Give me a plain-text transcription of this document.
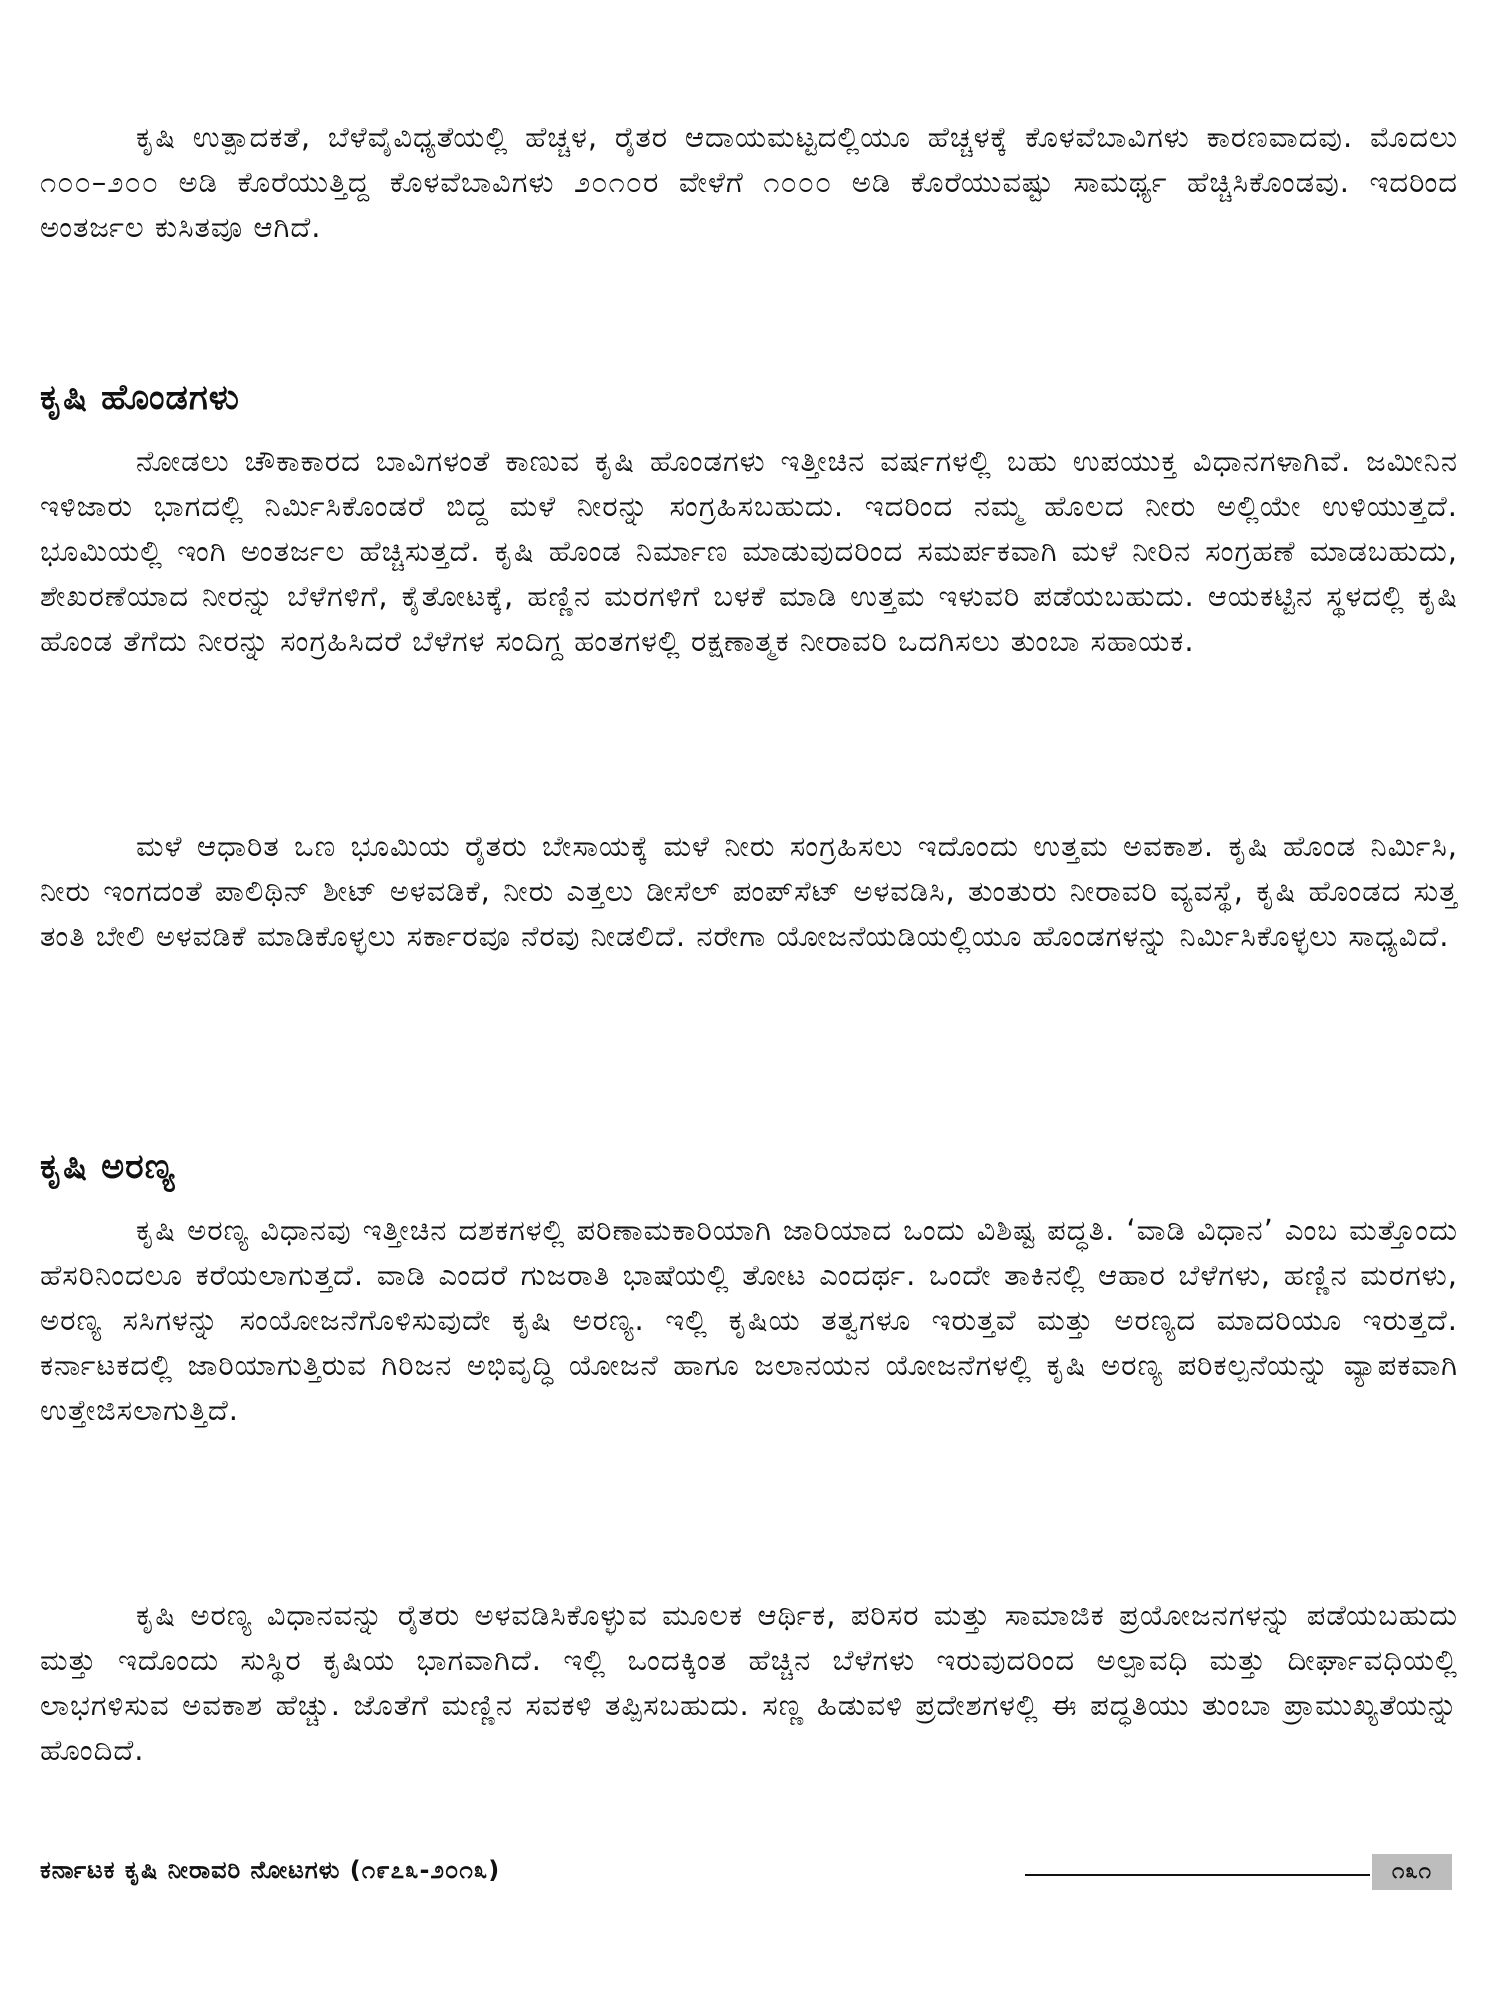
ಕೃಷಿ ಉತ್ಪಾದಕತೆ, ಬೆಳೆವೈವಿಧ್ಯತೆಯಲ್ಲಿ ಹೆಚ್ಚಳ, ರೈತರ ಆದಾಯಮಟ್ಟದಲ್ಲಿಯೂ ಹೆಚ್ಚಳಕ್ಕೆ ಕೊಳವೆಬಾವಿಗಳು ಕಾರಣವಾದವು. ಮೊದಲು ೧೦೦–೨೦೦ ಅಡಿ ಕೊರೆಯುತ್ತಿದ್ದ ಕೊಳವೆಬಾವಿಗಳು ೨೦೧೦ರ ವೇಳೆಗೆ ೧೦೦೦ ಅಡಿ ಕೊರೆಯುವಷ್ಟು ಸಾಮರ್ಥ್ಯ ಹೆಚ್ಚಿಸಿಕೊಂಡವು. ಇದರಿಂದ ಅಂತರ್ಜಲ ಕುಸಿತವೂ ಆಗಿದೆ.

ಕೃಷಿ ಹೊಂಡಗಳು

ನೋಡಲು ಚೌಕಾಕಾರದ ಬಾವಿಗಳಂತೆ ಕಾಣುವ ಕೃಷಿ ಹೊಂಡಗಳು ಇತ್ತೀಚಿನ ವರ್ಷಗಳಲ್ಲಿ ಬಹು ಉಪಯುಕ್ತ ವಿಧಾನಗಳಾಗಿವೆ. ಜಮೀನಿನ ಇಳಿಜಾರು ಭಾಗದಲ್ಲಿ ನಿರ್ಮಿಸಿಕೊಂಡರೆ ಬಿದ್ದ ಮಳೆ ನೀರನ್ನು ಸಂಗ್ರಹಿಸಬಹುದು. ಇದರಿಂದ ನಮ್ಮ ಹೊಲದ ನೀರು ಅಲ್ಲಿಯೇ ಉಳಿಯುತ್ತದೆ. ಭೂಮಿಯಲ್ಲಿ ಇಂಗಿ ಅಂತರ್ಜಲ ಹೆಚ್ಚಿಸುತ್ತದೆ. ಕೃಷಿ ಹೊಂಡ ನಿರ್ಮಾಣ ಮಾಡುವುದರಿಂದ ಸಮರ್ಪಕವಾಗಿ ಮಳೆ ನೀರಿನ ಸಂಗ್ರಹಣೆ ಮಾಡಬಹುದು, ಶೇಖರಣೆಯಾದ ನೀರನ್ನು ಬೆಳೆಗಳಿಗೆ, ಕೈತೋಟಕ್ಕೆ, ಹಣ್ಣಿನ ಮರಗಳಿಗೆ ಬಳಕೆ ಮಾಡಿ ಉತ್ತಮ ಇಳುವರಿ ಪಡೆಯಬಹುದು. ಆಯಕಟ್ಟಿನ ಸ್ಥಳದಲ್ಲಿ ಕೃಷಿ ಹೊಂಡ ತೆಗೆದು ನೀರನ್ನು ಸಂಗ್ರಹಿಸಿದರೆ ಬೆಳೆಗಳ ಸಂದಿಗ್ದ ಹಂತಗಳಲ್ಲಿ ರಕ್ಷಣಾತ್ಮಕ ನೀರಾವರಿ ಒದಗಿಸಲು ತುಂಬಾ ಸಹಾಯಕ.

ಮಳೆ ಆಧಾರಿತ ಒಣ ಭೂಮಿಯ ರೈತರು ಬೇಸಾಯಕ್ಕೆ ಮಳೆ ನೀರು ಸಂಗ್ರಹಿಸಲು ಇದೊಂದು ಉತ್ತಮ ಅವಕಾಶ. ಕೃಷಿ ಹೊಂಡ ನಿರ್ಮಿಸಿ, ನೀರು ಇಂಗದಂತೆ ಪಾಲಿಥಿನ್ ಶೀಟ್ ಅಳವಡಿಕೆ, ನೀರು ಎತ್ತಲು ಡೀಸೆಲ್ ಪಂಪ್‌ಸೆಟ್ ಅಳವಡಿಸಿ, ತುಂತುರು ನೀರಾವರಿ ವ್ಯವಸ್ಥೆ, ಕೃಷಿ ಹೊಂಡದ ಸುತ್ತ ತಂತಿ ಬೇಲಿ ಅಳವಡಿಕೆ ಮಾಡಿಕೊಳ್ಳಲು ಸರ್ಕಾರವೂ ನೆರವು ನೀಡಲಿದೆ. ನರೇಗಾ ಯೋಜನೆಯಡಿಯಲ್ಲಿಯೂ ಹೊಂಡಗಳನ್ನು ನಿರ್ಮಿಸಿಕೊಳ್ಳಲು ಸಾಧ್ಯವಿದೆ.

ಕೃಷಿ ಅರಣ್ಯ

ಕೃಷಿ ಅರಣ್ಯ ವಿಧಾನವು ಇತ್ತೀಚಿನ ದಶಕಗಳಲ್ಲಿ ಪರಿಣಾಮಕಾರಿಯಾಗಿ ಜಾರಿಯಾದ ಒಂದು ವಿಶಿಷ್ಟ ಪದ್ಧತಿ. ‘ವಾಡಿ ವಿಧಾನ’ ಎಂಬ ಮತ್ತೊಂದು ಹೆಸರಿನಿಂದಲೂ ಕರೆಯಲಾಗುತ್ತದೆ. ವಾಡಿ ಎಂದರೆ ಗುಜರಾತಿ ಭಾಷೆಯಲ್ಲಿ ತೋಟ ಎಂದರ್ಥ. ಒಂದೇ ತಾಕಿನಲ್ಲಿ ಆಹಾರ ಬೆಳೆಗಳು, ಹಣ್ಣಿನ ಮರಗಳು, ಅರಣ್ಯ ಸಸಿಗಳನ್ನು ಸಂಯೋಜನೆಗೊಳಿಸುವುದೇ ಕೃಷಿ ಅರಣ್ಯ. ಇಲ್ಲಿ ಕೃಷಿಯ ತತ್ವಗಳೂ ಇರುತ್ತವೆ ಮತ್ತು ಅರಣ್ಯದ ಮಾದರಿಯೂ ಇರುತ್ತದೆ. ಕರ್ನಾಟಕದಲ್ಲಿ ಜಾರಿಯಾಗುತ್ತಿರುವ ಗಿರಿಜನ ಅಭಿವೃದ್ಧಿ ಯೋಜನೆ ಹಾಗೂ ಜಲಾನಯನ ಯೋಜನೆಗಳಲ್ಲಿ ಕೃಷಿ ಅರಣ್ಯ ಪರಿಕಲ್ಪನೆಯನ್ನು ವ್ಯಾಪಕವಾಗಿ ಉತ್ತೇಜಿಸಲಾಗುತ್ತಿದೆ.

ಕೃಷಿ ಅರಣ್ಯ ವಿಧಾನವನ್ನು ರೈತರು ಅಳವಡಿಸಿಕೊಳ್ಳುವ ಮೂಲಕ ಆರ್ಥಿಕ, ಪರಿಸರ ಮತ್ತು ಸಾಮಾಜಿಕ ಪ್ರಯೋಜನಗಳನ್ನು ಪಡೆಯಬಹುದು ಮತ್ತು ಇದೊಂದು ಸುಸ್ಥಿರ ಕೃಷಿಯ ಭಾಗವಾಗಿದೆ. ಇಲ್ಲಿ ಒಂದಕ್ಕಿಂತ ಹೆಚ್ಚಿನ ಬೆಳೆಗಳು ಇರುವುದರಿಂದ ಅಲ್ಪಾವಧಿ ಮತ್ತು ದೀರ್ಘಾವಧಿಯಲ್ಲಿ ಲಾಭಗಳಿಸುವ ಅವಕಾಶ ಹೆಚ್ಚು. ಜೊತೆಗೆ ಮಣ್ಣಿನ ಸವಕಳಿ ತಪ್ಪಿಸಬಹುದು. ಸಣ್ಣ ಹಿಡುವಳಿ ಪ್ರದೇಶಗಳಲ್ಲಿ ಈ ಪದ್ಧತಿಯು ತುಂಬಾ ಪ್ರಾಮುಖ್ಯತೆಯನ್ನು ಹೊಂದಿದೆ.

ಕರ್ನಾಟಕ ಕೃಷಿ ನೀರಾವರಿ ನೋಟಗಳು (೧೯೭೩-೨೦೧೩)	೧೩೧
